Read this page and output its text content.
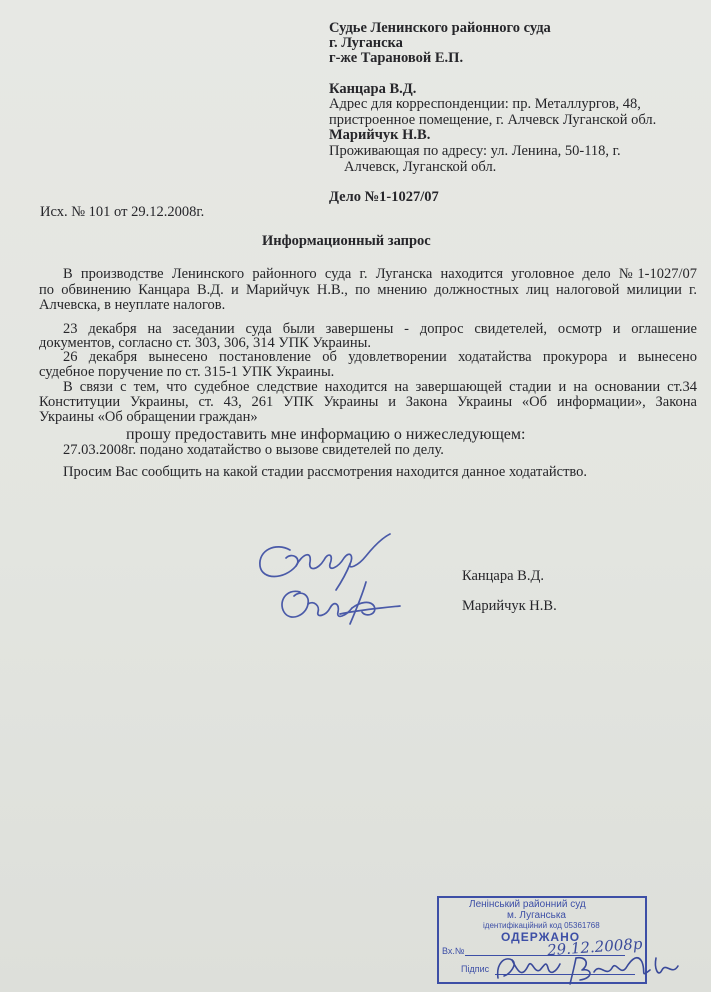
Судье Ленинского районного суда
г. Луганска
г-же Тарановой Е.П.
Канцара В.Д.
Адрес для корреспонденции: пр. Металлургов, 48,
пристроенное помещение, г. Алчевск Луганской обл.
Марийчук Н.В.
Проживающая по адресу: ул. Ленина, 50-118, г.
Алчевск, Луганской обл.
Дело №1-1027/07
Исх. № 101 от 29.12.2008г.
Информационный запрос
В производстве Ленинского районного суда г. Луганска находится уголовное дело №1-1027/07
по обвинению Канцара В.Д. и Марийчук Н.В., по мнению должностных лиц налоговой милиции г.
Алчевска, в неуплате налогов.
23 декабря на заседании суда были завершены - допрос свидетелей, осмотр и оглашение
документов, согласно ст. 303, 306, 314 УПК Украины.
26 декабря вынесено постановление об удовлетворении ходатайства прокурора и вынесено
судебное поручение по ст. 315-1 УПК Украины.
В связи с тем, что судебное следствие находится на завершающей стадии и на основании ст.34
Конституции Украины, ст. 43, 261 УПК Украины и Закона Украины «Об информации», Закона
Украины «Об обращении граждан»
прошу предоставить мне информацию о нижеследующем:
27.03.2008г. подано ходатайство о вызове свидетелей по делу.
Просим Вас сообщить на какой стадии рассмотрения находится данное ходатайство.
Канцара В.Д.
Марийчук Н.В.
Ленінський районний суд
м. Луганська
ідентифікаційний код 05361768
ОДЕРЖАНО
Вх.№	29.12.2008р
Підпис
